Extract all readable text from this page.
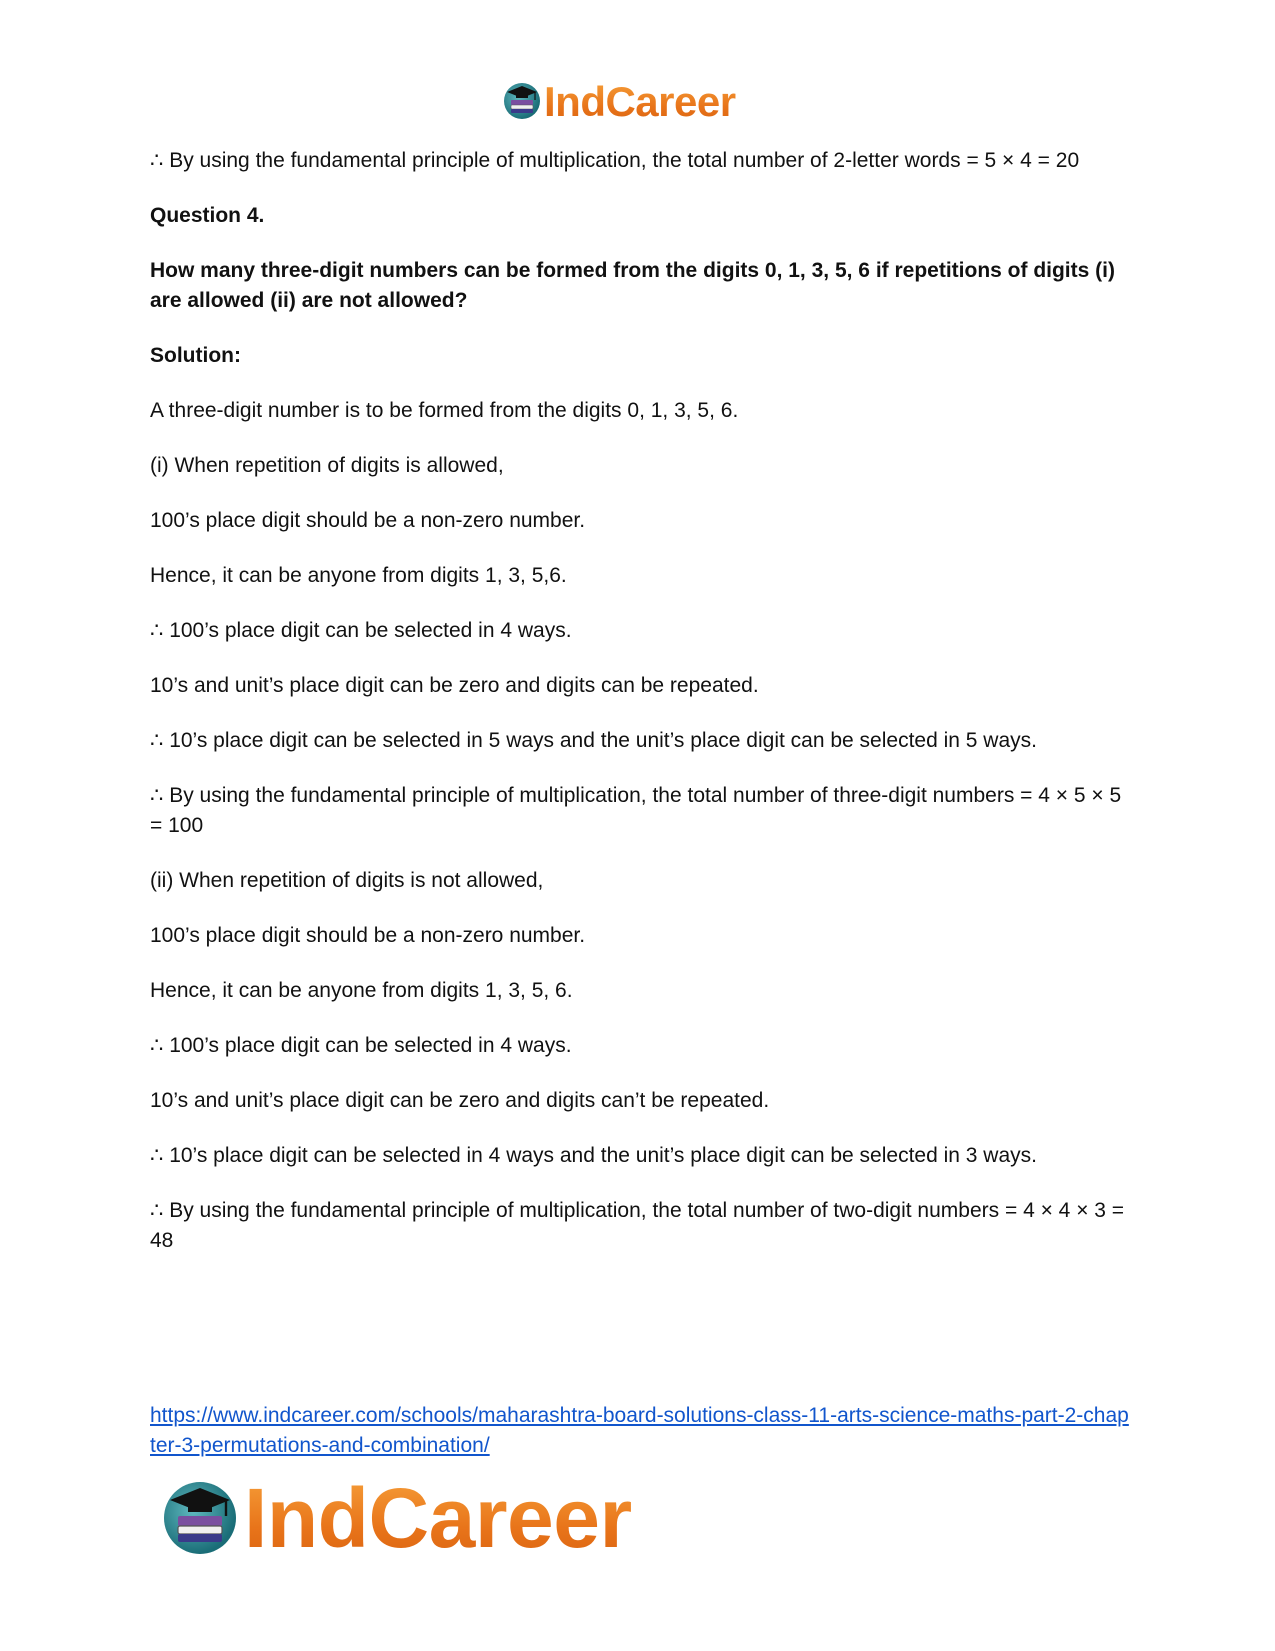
IndCareer

∴ By using the fundamental principle of multiplication, the total number of 2-letter words = 5 × 4 = 20

Question 4.

How many three-digit numbers can be formed from the digits 0, 1, 3, 5, 6 if repetitions of digits (i) are allowed (ii) are not allowed?

Solution:

A three-digit number is to be formed from the digits 0, 1, 3, 5, 6.

(i) When repetition of digits is allowed,

100’s place digit should be a non-zero number.

Hence, it can be anyone from digits 1, 3, 5,6.

∴ 100’s place digit can be selected in 4 ways.

10’s and unit’s place digit can be zero and digits can be repeated.

∴ 10’s place digit can be selected in 5 ways and the unit’s place digit can be selected in 5 ways.

∴ By using the fundamental principle of multiplication, the total number of three-digit numbers = 4 × 5 × 5 = 100

(ii) When repetition of digits is not allowed,

100’s place digit should be a non-zero number.

Hence, it can be anyone from digits 1, 3, 5, 6.

∴ 100’s place digit can be selected in 4 ways.

10’s and unit’s place digit can be zero and digits can’t be repeated.

∴ 10’s place digit can be selected in 4 ways and the unit’s place digit can be selected in 3 ways.

∴ By using the fundamental principle of multiplication, the total number of two-digit numbers = 4 × 4 × 3 = 48

https://www.indcareer.com/schools/maharashtra-board-solutions-class-11-arts-science-maths-part-2-chapter-3-permutations-and-combination/
IndCareer
